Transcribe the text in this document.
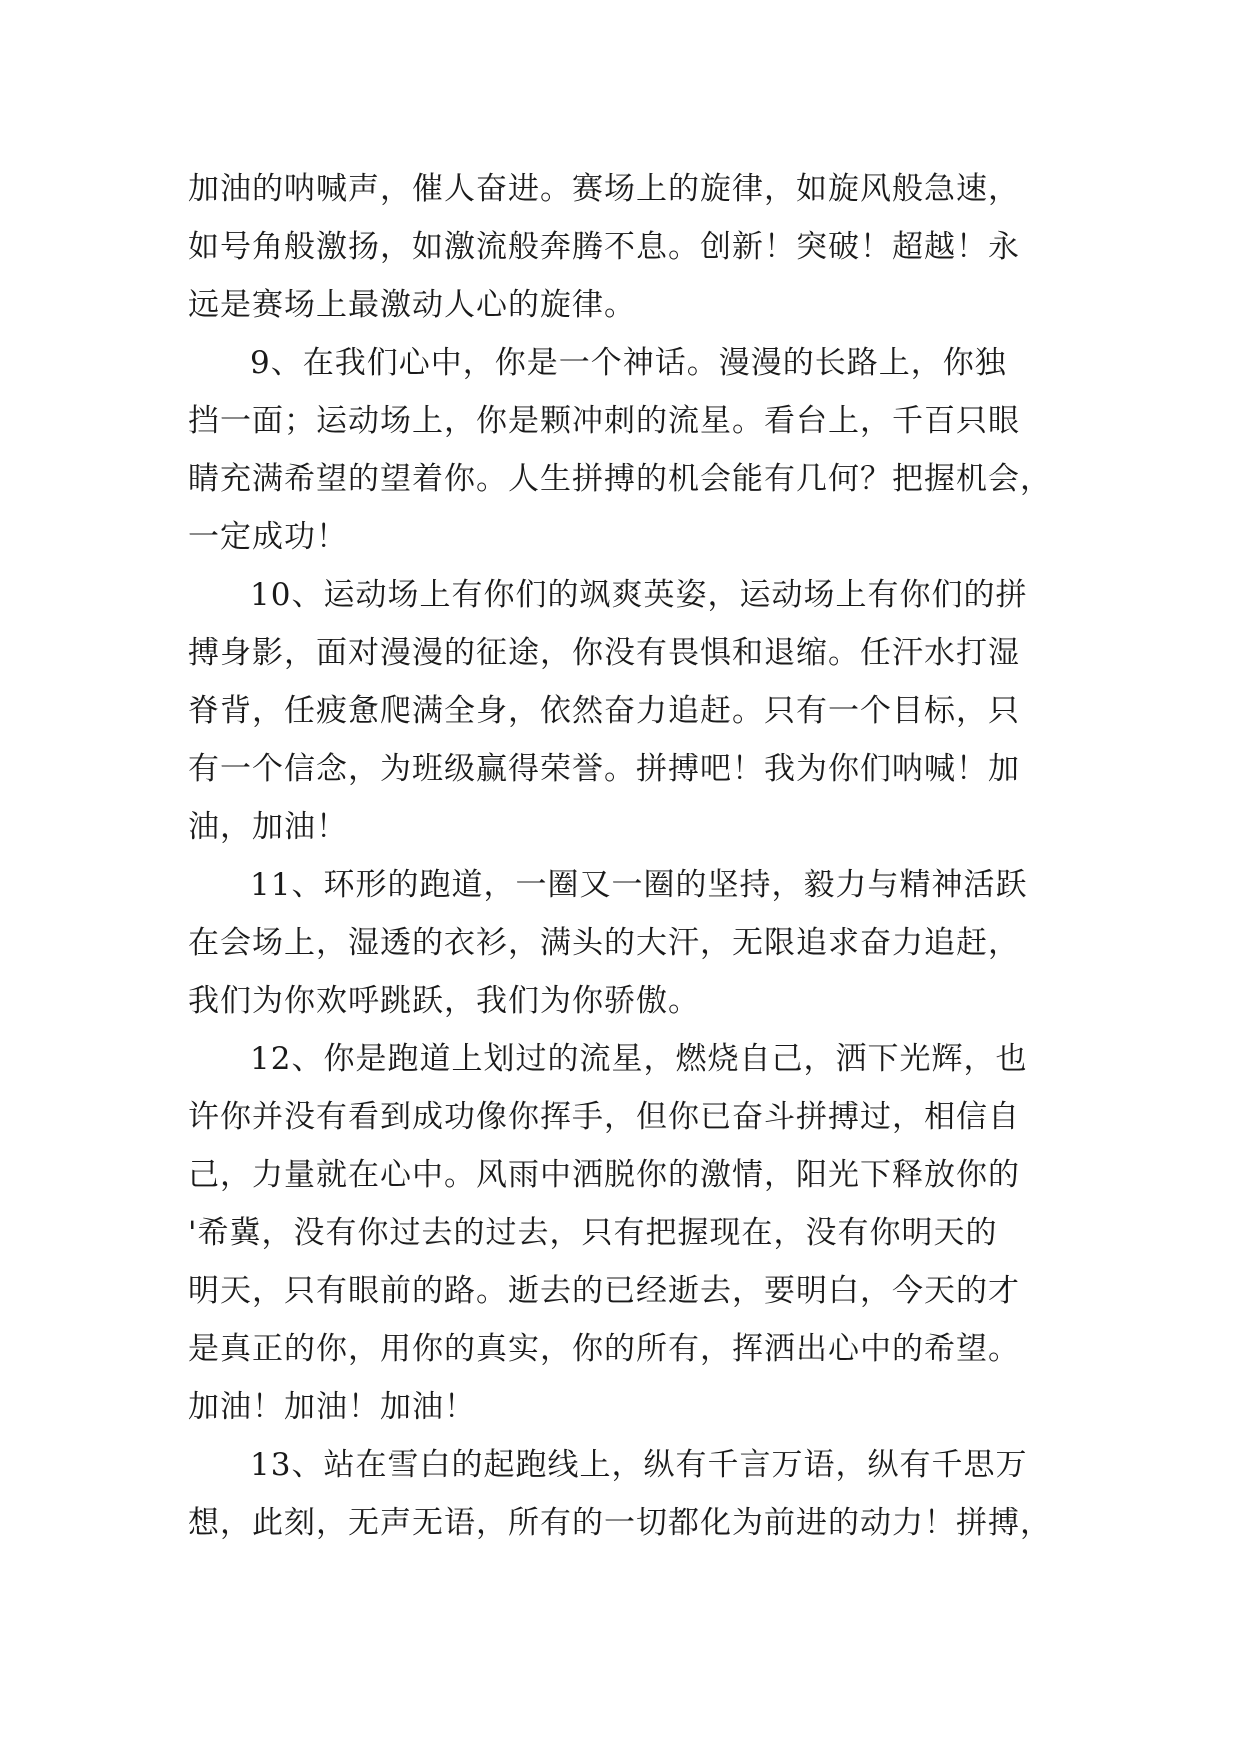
加油的呐喊声，催人奋进。赛场上的旋律，如旋风般急速，
如号角般激扬，如激流般奔腾不息。创新！突破！超越！永
远是赛场上最激动人心的旋律。
9、在我们心中，你是一个神话。漫漫的长路上，你独
挡一面；运动场上，你是颗冲刺的流星。看台上，千百只眼
睛充满希望的望着你。人生拼搏的机会能有几何？把握机会，
一定成功！
10、运动场上有你们的飒爽英姿，运动场上有你们的拼
搏身影，面对漫漫的征途，你没有畏惧和退缩。任汗水打湿
脊背，任疲惫爬满全身，依然奋力追赶。只有一个目标，只
有一个信念，为班级赢得荣誉。拼搏吧！我为你们呐喊！加
油，加油！
11、环形的跑道，一圈又一圈的坚持，毅力与精神活跃
在会场上，湿透的衣衫，满头的大汗，无限追求奋力追赶，
我们为你欢呼跳跃，我们为你骄傲。
12、你是跑道上划过的流星，燃烧自己，洒下光辉，也
许你并没有看到成功像你挥手，但你已奋斗拼搏过，相信自
己，力量就在心中。风雨中洒脱你的激情，阳光下释放你的
'希冀，没有你过去的过去，只有把握现在，没有你明天的
明天，只有眼前的路。逝去的已经逝去，要明白，今天的才
是真正的你，用你的真实，你的所有，挥洒出心中的希望。
加油！加油！加油！
13、站在雪白的起跑线上，纵有千言万语，纵有千思万
想，此刻，无声无语，所有的一切都化为前进的动力！拼搏，
